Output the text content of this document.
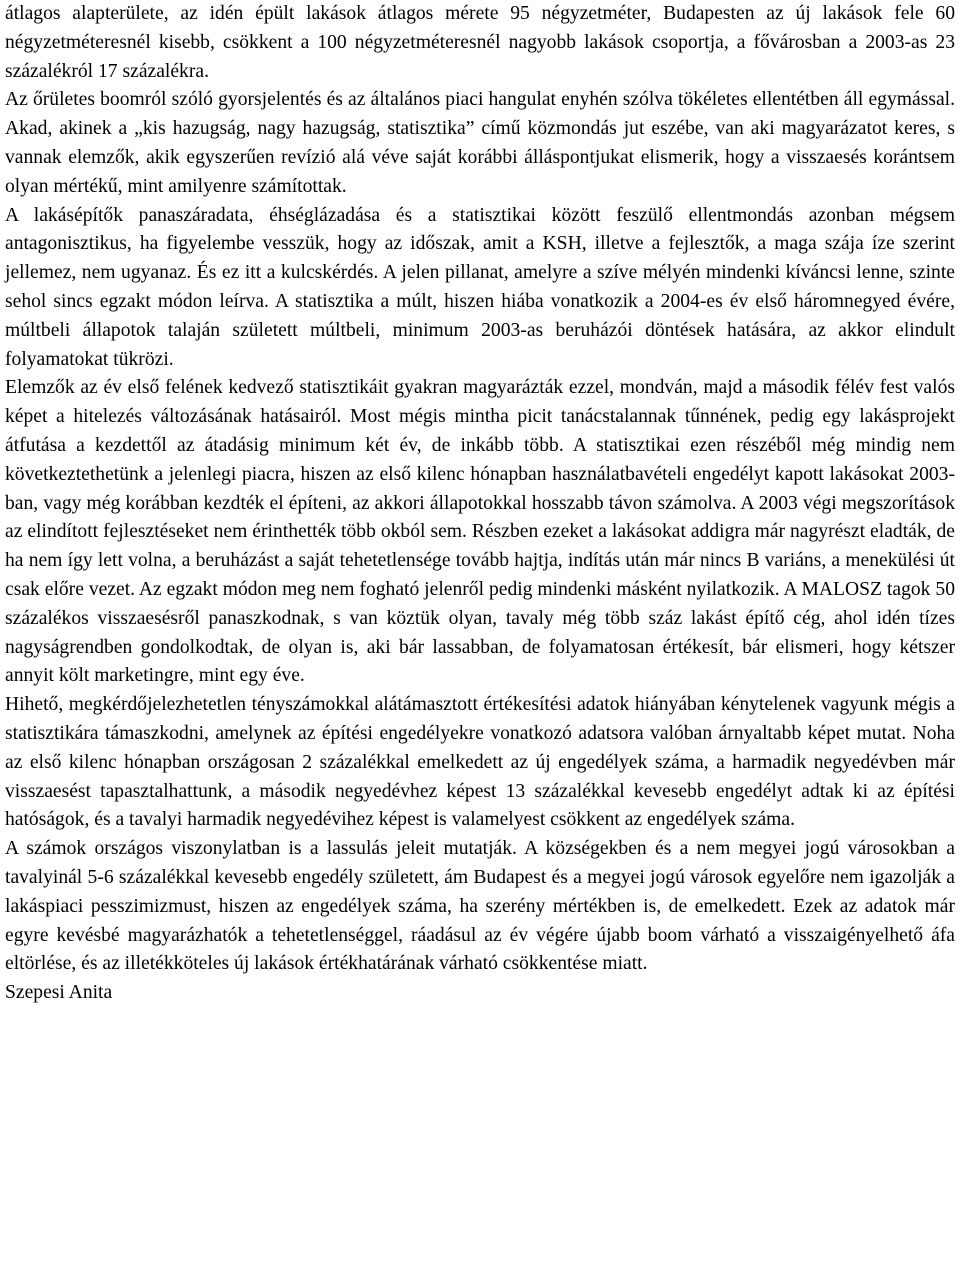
átlagos alapterülete, az idén épült lakások átlagos mérete 95 négyzetméter, Budapesten az új lakások fele 60 négyzetméteresnél kisebb, csökkent a 100 négyzetméteresnél nagyobb lakások csoportja, a fővárosban a 2003-as 23 százalékról 17 százalékra.

Az őrületes boomról szóló gyorsjelentés és az általános piaci hangulat enyhén szólva tökéletes ellentétben áll egymással. Akad, akinek a „kis hazugság, nagy hazugság, statisztika” című közmondás jut eszébe, van aki magyarázatot keres, s vannak elemzők, akik egyszerűen revízió alá véve saját korábbi álláspontjukat elismerik, hogy a visszaesés korántsem olyan mértékű, mint amilyenre számítottak.

A lakásépítők panaszáradata, éhséglázadása és a statisztikai között feszülő ellentmondás azonban mégsem antagonisztikus, ha figyelembe vesszük, hogy az időszak, amit a KSH, illetve a fejlesztők, a maga szája íze szerint jellemez, nem ugyanaz. És ez itt a kulcskérdés. A jelen pillanat, amelyre a szíve mélyén mindenki kíváncsi lenne, szinte sehol sincs egzakt módon leírva. A statisztika a múlt, hiszen hiába vonatkozik a 2004-es év első háromnegyed évére, múltbeli állapotok talaján született múltbeli, minimum 2003-as beruházói döntések hatására, az akkor elindult folyamatokat tükrözi.

Elemzők az év első felének kedvező statisztikáit gyakran magyarázták ezzel, mondván, majd a második félév fest valós képet a hitelezés változásának hatásairól. Most mégis mintha picit tanácstalannak tűnnének, pedig egy lakásprojekt átfutása a kezdettől az átadásig minimum két év, de inkább több. A statisztikai ezen részéből még mindig nem következtethetünk a jelenlegi piacra, hiszen az első kilenc hónapban használatbavételi engedélyt kapott lakásokat 2003-ban, vagy még korábban kezdték el építeni, az akkori állapotokkal hosszabb távon számolva. A 2003 végi megszorítások az elindított fejlesztéseket nem érinthették több okból sem. Részben ezeket a lakásokat addigra már nagyrészt eladták, de ha nem így lett volna, a beruházást a saját tehetetlensége tovább hajtja, indítás után már nincs B variáns, a menekülési út csak előre vezet. Az egzakt módon meg nem fogható jelenről pedig mindenki másként nyilatkozik. A MALOSZ tagok 50 százalékos visszaesésről panaszkodnak, s van köztük olyan, tavaly még több száz lakást építő cég, ahol idén tízes nagyságrendben gondolkodtak, de olyan is, aki bár lassabban, de folyamatosan értékesít, bár elismeri, hogy kétszer annyit költ marketingre, mint egy éve.

Hihető, megkérdőjelezhetetlen tényszámokkal alátámasztott értékesítési adatok hiányában kénytelenek vagyunk mégis a statisztikára támaszkodni, amelynek az építési engedélyekre vonatkozó adatsora valóban árnyaltabb képet mutat. Noha az első kilenc hónapban országosan 2 százalékkal emelkedett az új engedélyek száma, a harmadik negyedévben már visszaesést tapasztalhattunk, a második negyedévhez képest 13 százalékkal kevesebb engedélyt adtak ki az építési hatóságok, és a tavalyi harmadik negyedévihez képest is valamelyest csökkent az engedélyek száma.

A számok országos viszonylatban is a lassulás jeleit mutatják. A községekben és a nem megyei jogú városokban a tavalyinál 5-6 százalékkal kevesebb engedély született, ám Budapest és a megyei jogú városok egyelőre nem igazolják a lakáspiaci pesszimizmust, hiszen az engedélyek száma, ha szerény mértékben is, de emelkedett. Ezek az adatok már egyre kevésbé magyarázhatók a tehetetlenséggel, ráadásul az év végére újabb boom várható a visszaigényelhető áfa eltörlése, és az illetékköteles új lakások értékhatárának várható csökkentése miatt.

Szepesi Anita
